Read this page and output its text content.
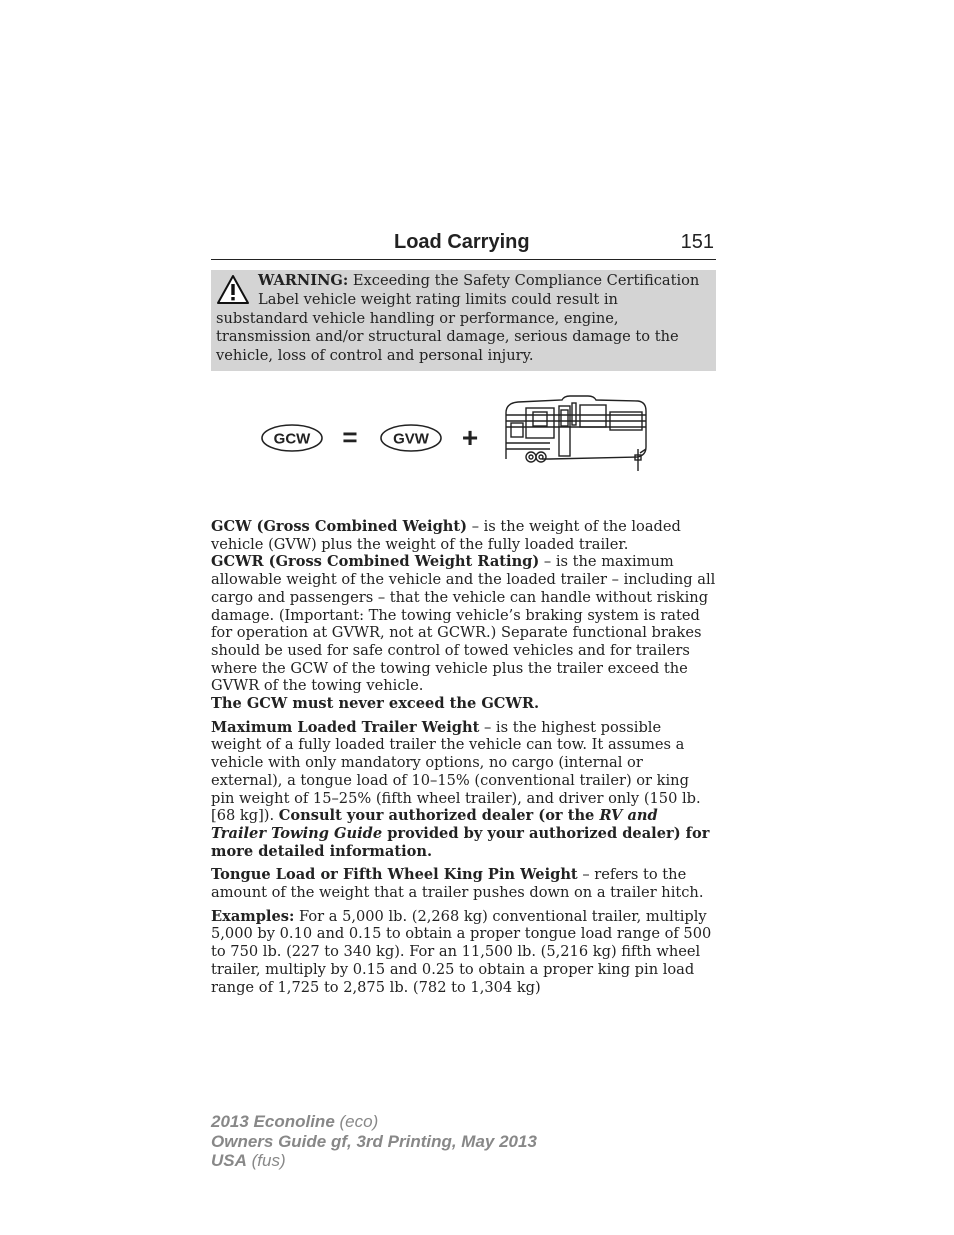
Load Carrying	151
WARNING: Exceeding the Safety Compliance Certification Label vehicle weight rating limits could result in substandard vehicle handling or performance, engine, transmission and/or structural damage, serious damage to the vehicle, loss of control and personal injury.
GCW = GVW +

GCW (Gross Combined Weight) – is the weight of the loaded vehicle (GVW) plus the weight of the fully loaded trailer.

GCWR (Gross Combined Weight Rating) – is the maximum allowable weight of the vehicle and the loaded trailer – including all cargo and passengers – that the vehicle can handle without risking damage. (Important: The towing vehicle’s braking system is rated for operation at GVWR, not at GCWR.) Separate functional brakes should be used for safe control of towed vehicles and for trailers where the GCW of the towing vehicle plus the trailer exceed the GVWR of the towing vehicle.
The GCW must never exceed the GCWR.

Maximum Loaded Trailer Weight – is the highest possible weight of a fully loaded trailer the vehicle can tow. It assumes a vehicle with only mandatory options, no cargo (internal or external), a tongue load of 10–15% (conventional trailer) or king pin weight of 15–25% (fifth wheel trailer), and driver only (150 lb. [68 kg]). Consult your authorized dealer (or the RV and Trailer Towing Guide provided by your authorized dealer) for more detailed information.

Tongue Load or Fifth Wheel King Pin Weight – refers to the amount of the weight that a trailer pushes down on a trailer hitch.

Examples: For a 5,000 lb. (2,268 kg) conventional trailer, multiply 5,000 by 0.10 and 0.15 to obtain a proper tongue load range of 500 to 750 lb. (227 to 340 kg). For an 11,500 lb. (5,216 kg) fifth wheel trailer, multiply by 0.15 and 0.25 to obtain a proper king pin load range of 1,725 to 2,875 lb. (782 to 1,304 kg)

2013 Econoline (eco)
Owners Guide gf, 3rd Printing, May 2013
USA (fus)
